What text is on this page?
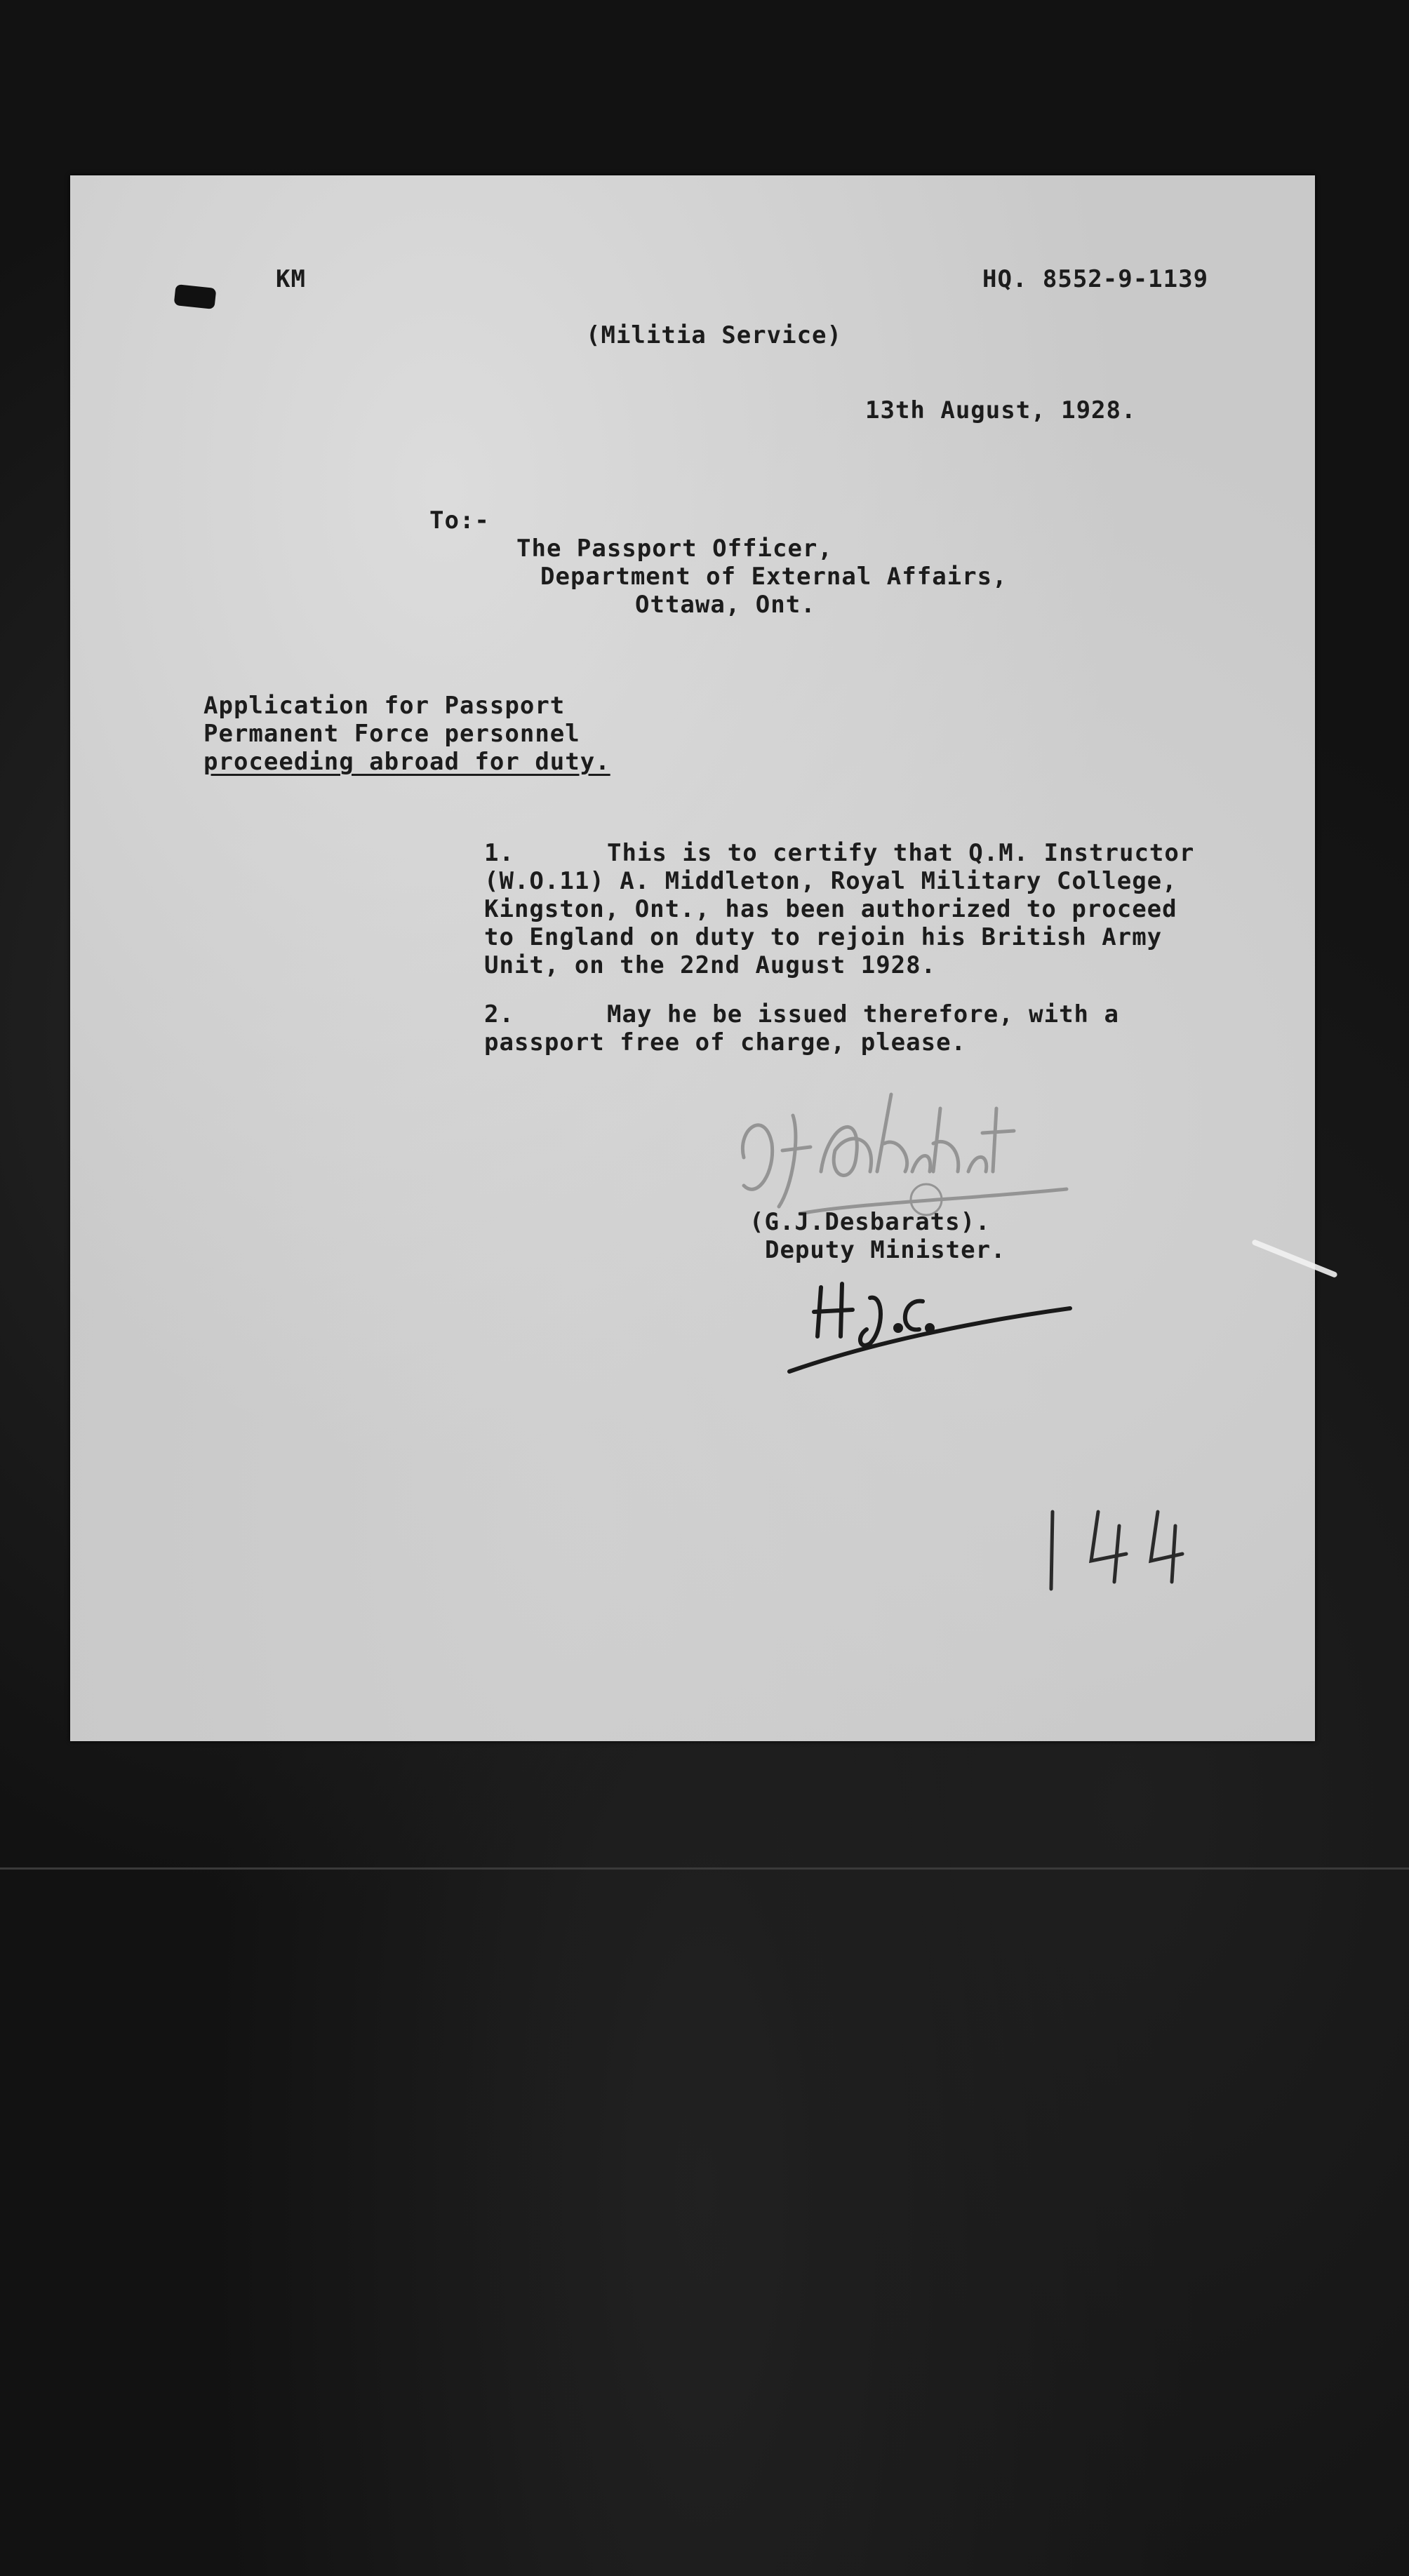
KM	HQ. 8552-9-1139
(Militia Service)
13th August, 1928.
To:-
The Passport Officer,
Department of External Affairs,
Ottawa, Ont.
Application for Passport
Permanent Force personnel
proceeding abroad for duty.
1.	This is to certify that Q.M. Instructor
(W.O.11) A. Middleton, Royal Military College,
Kingston, Ont., has been authorized to proceed
to England on duty to rejoin his British Army
Unit, on the 22nd August 1928.
2.	May he be issued therefore, with a
passport free of charge, please.
(G.J.Desbarats).
Deputy Minister.
